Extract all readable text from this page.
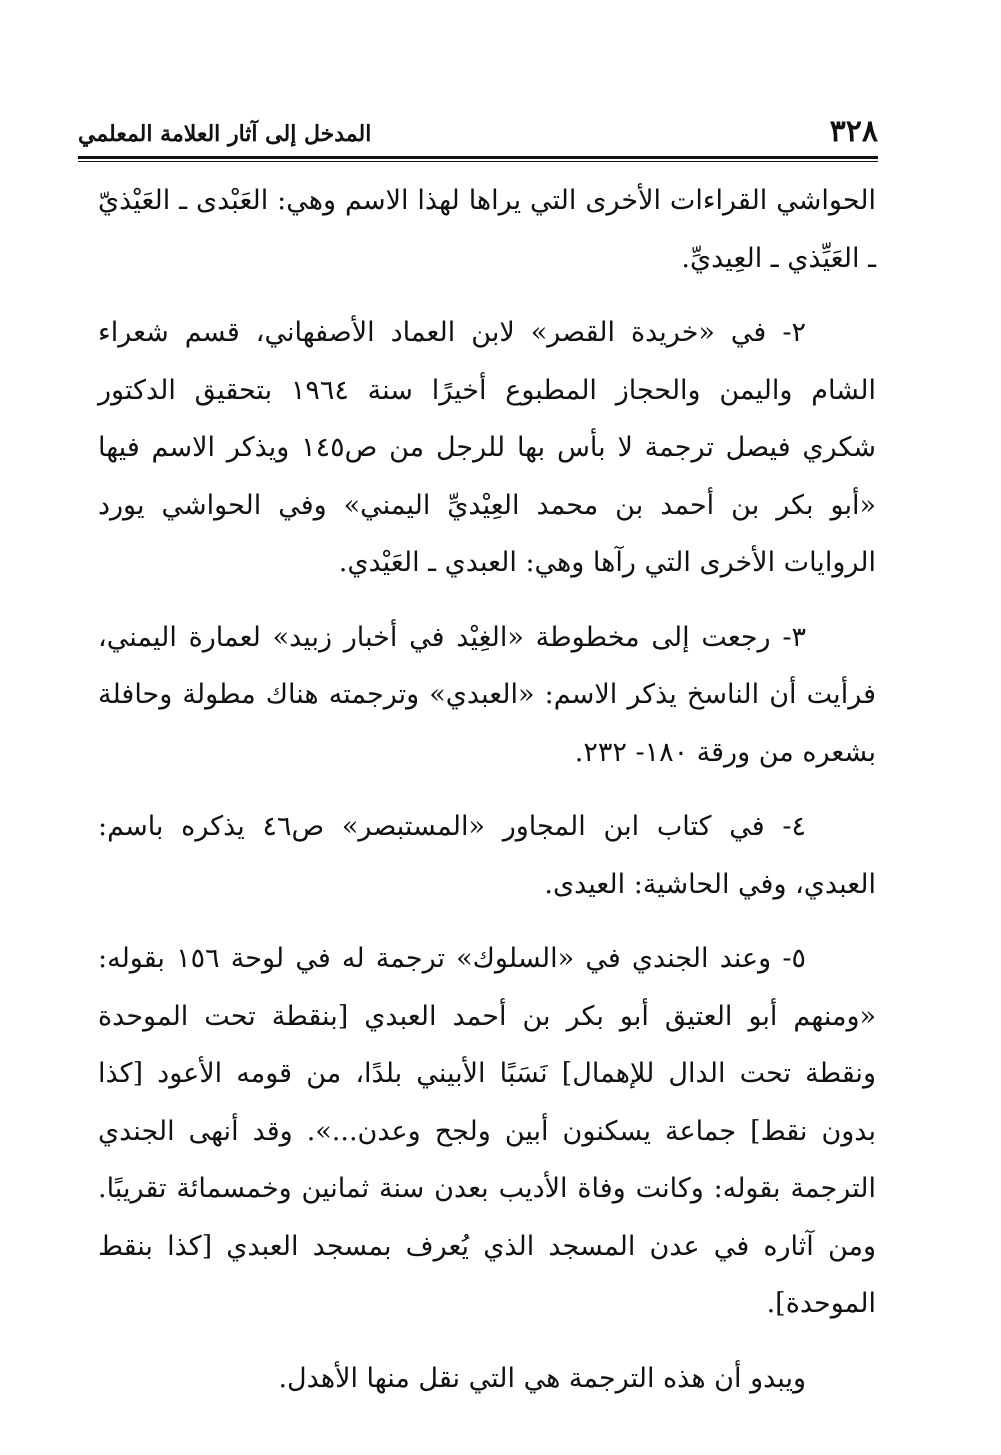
٣٢٨
المدخل إلى آثار العلامة المعلمي

الحواشي القراءات الأخرى التي يراها لهذا الاسم وهي: العَبْدى ـ العَيْذيّ ـ العَيِّذي ـ العِيديِّ.

٢- في «خريدة القصر» لابن العماد الأصفهاني، قسم شعراء الشام واليمن والحجاز المطبوع أخيرًا سنة ١٩٦٤ بتحقيق الدكتور شكري فيصل ترجمة لا بأس بها للرجل من ص١٤٥ ويذكر الاسم فيها «أبو بكر بن أحمد بن محمد العِيْديِّ اليمني» وفي الحواشي يورد الروايات الأخرى التي رآها وهي: العبدي ـ العَيْدي.

٣- رجعت إلى مخطوطة «الغِيْد في أخبار زبيد» لعمارة اليمني، فرأيت أن الناسخ يذكر الاسم: «العبدي» وترجمته هناك مطولة وحافلة بشعره من ورقة ١٨٠- ٢٣٢.

٤- في كتاب ابن المجاور «المستبصر» ص٤٦ يذكره باسم: العبدي، وفي الحاشية: العيدى.

٥- وعند الجندي في «السلوك» ترجمة له في لوحة ١٥٦ بقوله: «ومنهم أبو العتيق أبو بكر بن أحمد العبدي [بنقطة تحت الموحدة ونقطة تحت الدال للإهمال] نَسَبًا الأبيني بلدًا، من قومه الأعود [كذا بدون نقط] جماعة يسكنون أبين ولجح وعدن...». وقد أنهى الجندي الترجمة بقوله: وكانت وفاة الأديب بعدن سنة ثمانين وخمسمائة تقريبًا. ومن آثاره في عدن المسجد الذي يُعرف بمسجد العبدي [كذا بنقط الموحدة].

ويبدو أن هذه الترجمة هي التي نقل منها الأهدل.
